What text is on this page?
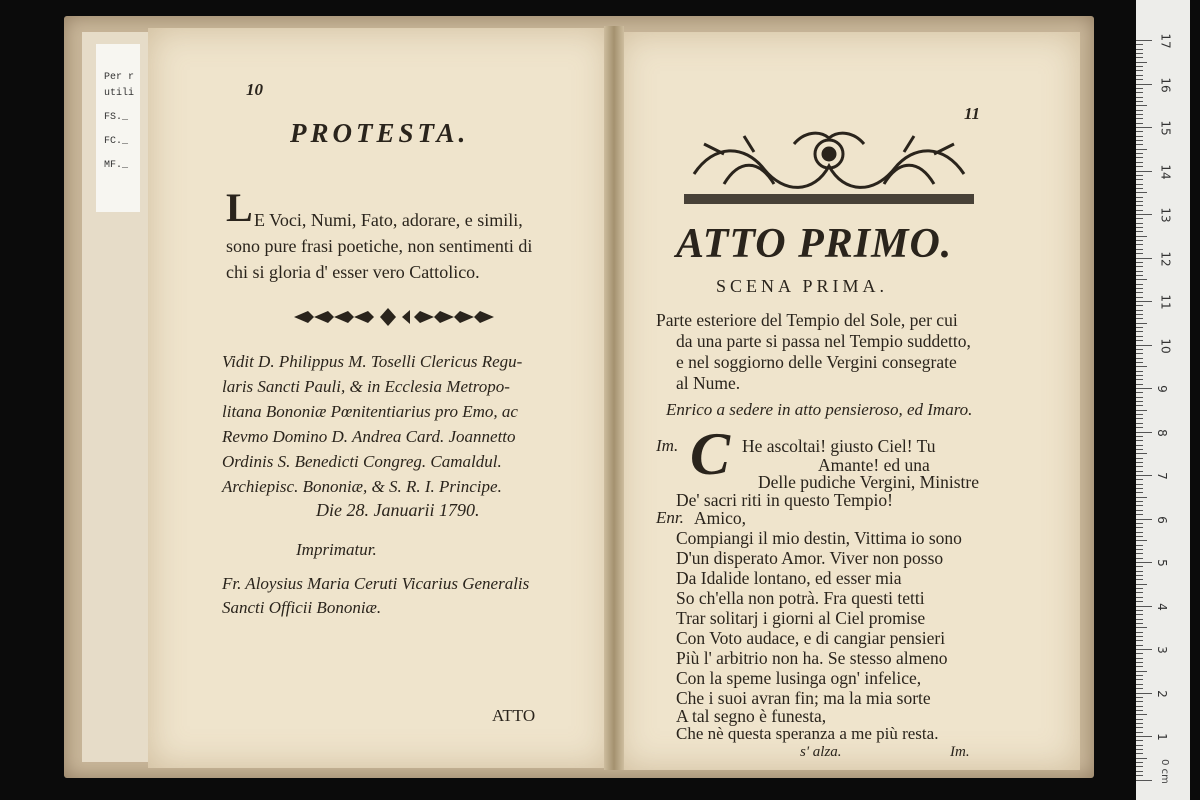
Per r
utili
FS._
FC._
MF._
10
PROTESTA.
L E Voci, Numi, Fato, adorare, e simili,
sono pure frasi poetiche, non sentimenti di
chi si gloria d' esser vero Cattolico.
Vidit D. Philippus M. Toselli Clericus Regu-
laris Sancti Pauli, & in Ecclesia Metropo-
litana Bononiæ Pœnitentiarius pro Emo, ac
Revmo Domino D. Andrea Card. Joannetto
Ordinis S. Benedicti Congreg. Camaldul.
Archiepisc. Bononiæ, & S. R. I. Principe.
Die 28. Januarii 1790.
Imprimatur.
Fr. Aloysius Maria Ceruti Vicarius Generalis
Sancti Officii Bononiæ.
ATTO
11
ATTO PRIMO.
SCENA PRIMA.
Parte esteriore del Tempio del Sole, per cui
da una parte si passa nel Tempio suddetto,
e nel soggiorno delle Vergini consegrate
al Nume.
Enrico a sedere in atto pensieroso, ed Imaro.
Im. C He ascoltai! giusto Ciel! Tu
Amante! ed una
Delle pudiche Vergini, Ministre
De' sacri riti in questo Tempio!
Enr. Amico,
Compiangi il mio destin, Vittima io sono
D'un disperato Amor. Viver non posso
Da Idalide lontano, ed esser mia
So ch'ella non potrà. Fra questi tetti
Trar solitarj i giorni al Ciel promise
Con Voto audace, e di cangiar pensieri
Più l' arbitrio non ha. Se stesso almeno
Con la speme lusinga ogn' infelice,
Che i suoi avran fin; ma la mia sorte
A tal segno è funesta,
Che nè questa speranza a me più resta.
s' alza.	Im.
17
16
15
14
13
12
11
10
9
8
7
6
5
4
3
2
1
0 cm
